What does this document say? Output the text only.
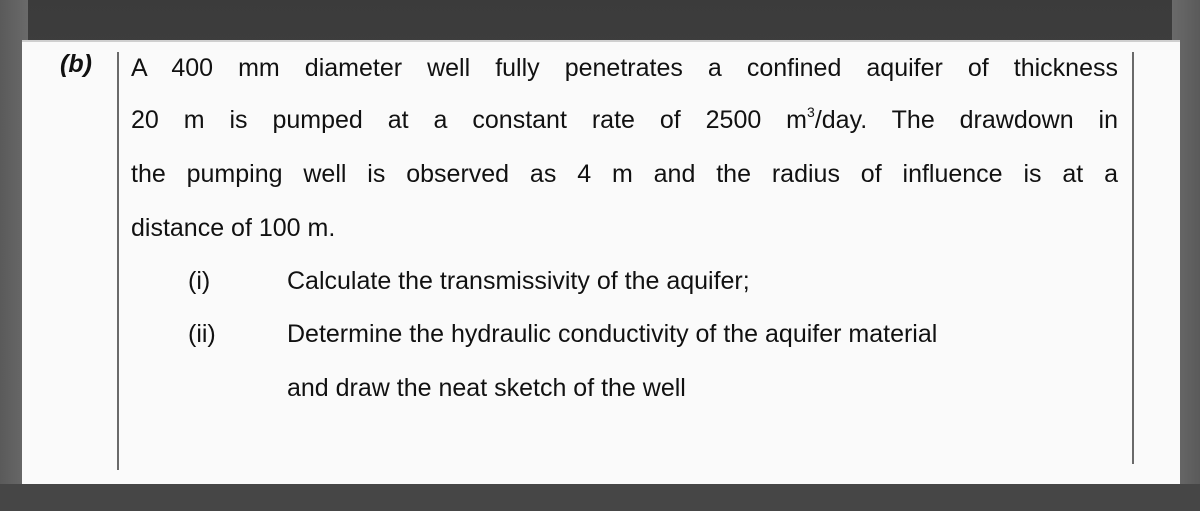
(b) A 400 mm diameter well fully penetrates a confined aquifer of thickness
20 m is pumped at a constant rate of 2500 $m^3$/day. The drawdown in
the pumping well is observed as 4 m and the radius of influence is at a
distance of 100 m.
(i)	Calculate the transmissivity of the aquifer;
(ii)	Determine the hydraulic conductivity of the aquifer material
and draw the neat sketch of the well
